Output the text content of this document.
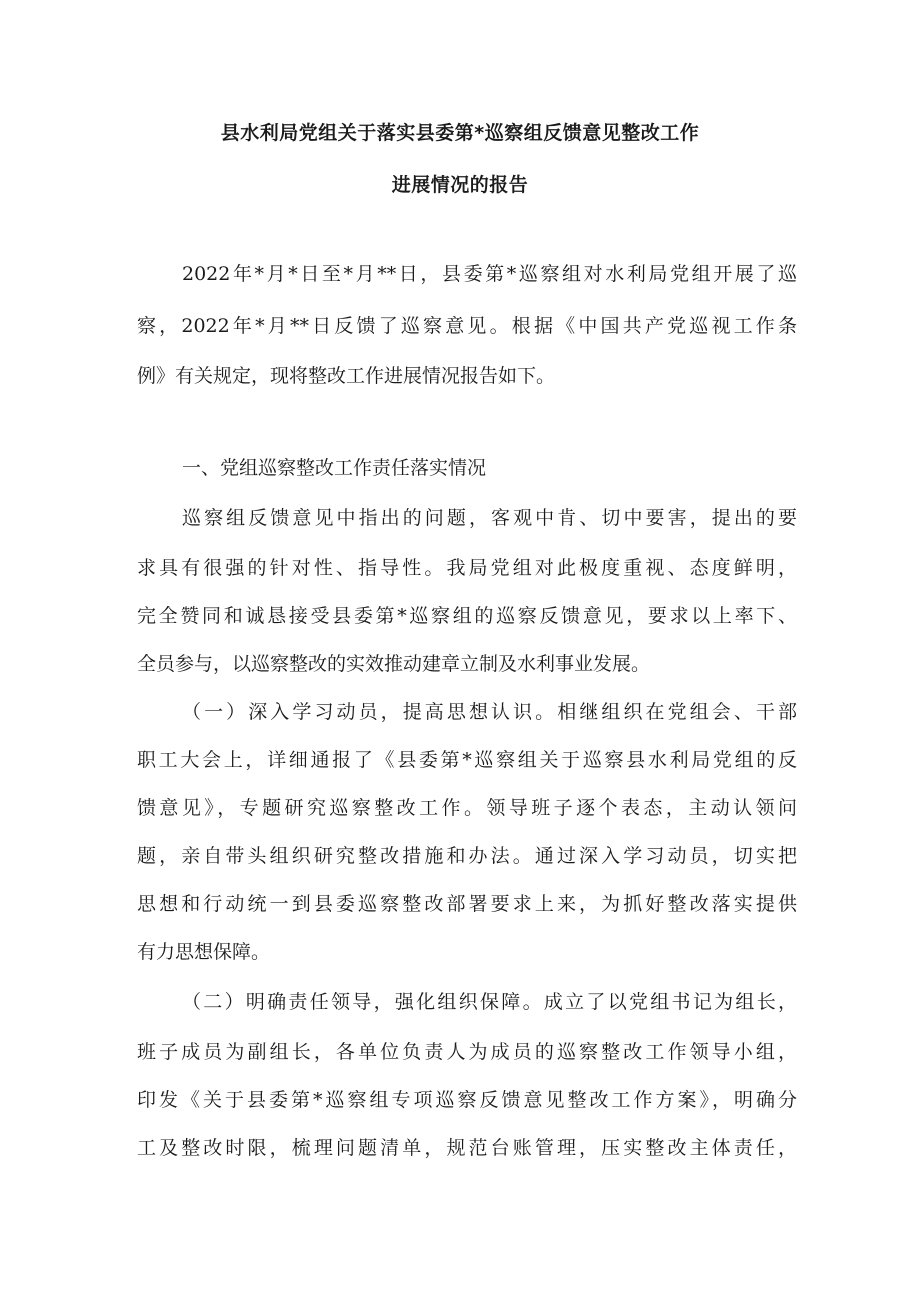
县水利局党组关于落实县委第*巡察组反馈意见整改工作
进展情况的报告
2022年*月*日至*月**日，县委第*巡察组对水利局党组开展了巡
察，2022年*月**日反馈了巡察意见。根据《中国共产党巡视工作条
例》有关规定，现将整改工作进展情况报告如下。
一、党组巡察整改工作责任落实情况
巡察组反馈意见中指出的问题，客观中肯、切中要害，提出的要
求具有很强的针对性、指导性。我局党组对此极度重视、态度鲜明，
完全赞同和诚恳接受县委第*巡察组的巡察反馈意见，要求以上率下、
全员参与，以巡察整改的实效推动建章立制及水利事业发展。
（一）深入学习动员，提高思想认识。相继组织在党组会、干部
职工大会上，详细通报了《县委第*巡察组关于巡察县水利局党组的反
馈意见》，专题研究巡察整改工作。领导班子逐个表态，主动认领问
题，亲自带头组织研究整改措施和办法。通过深入学习动员，切实把
思想和行动统一到县委巡察整改部署要求上来，为抓好整改落实提供
有力思想保障。
（二）明确责任领导，强化组织保障。成立了以党组书记为组长，
班子成员为副组长，各单位负责人为成员的巡察整改工作领导小组，
印发《关于县委第*巡察组专项巡察反馈意见整改工作方案》，明确分
工及整改时限，梳理问题清单，规范台账管理，压实整改主体责任，
